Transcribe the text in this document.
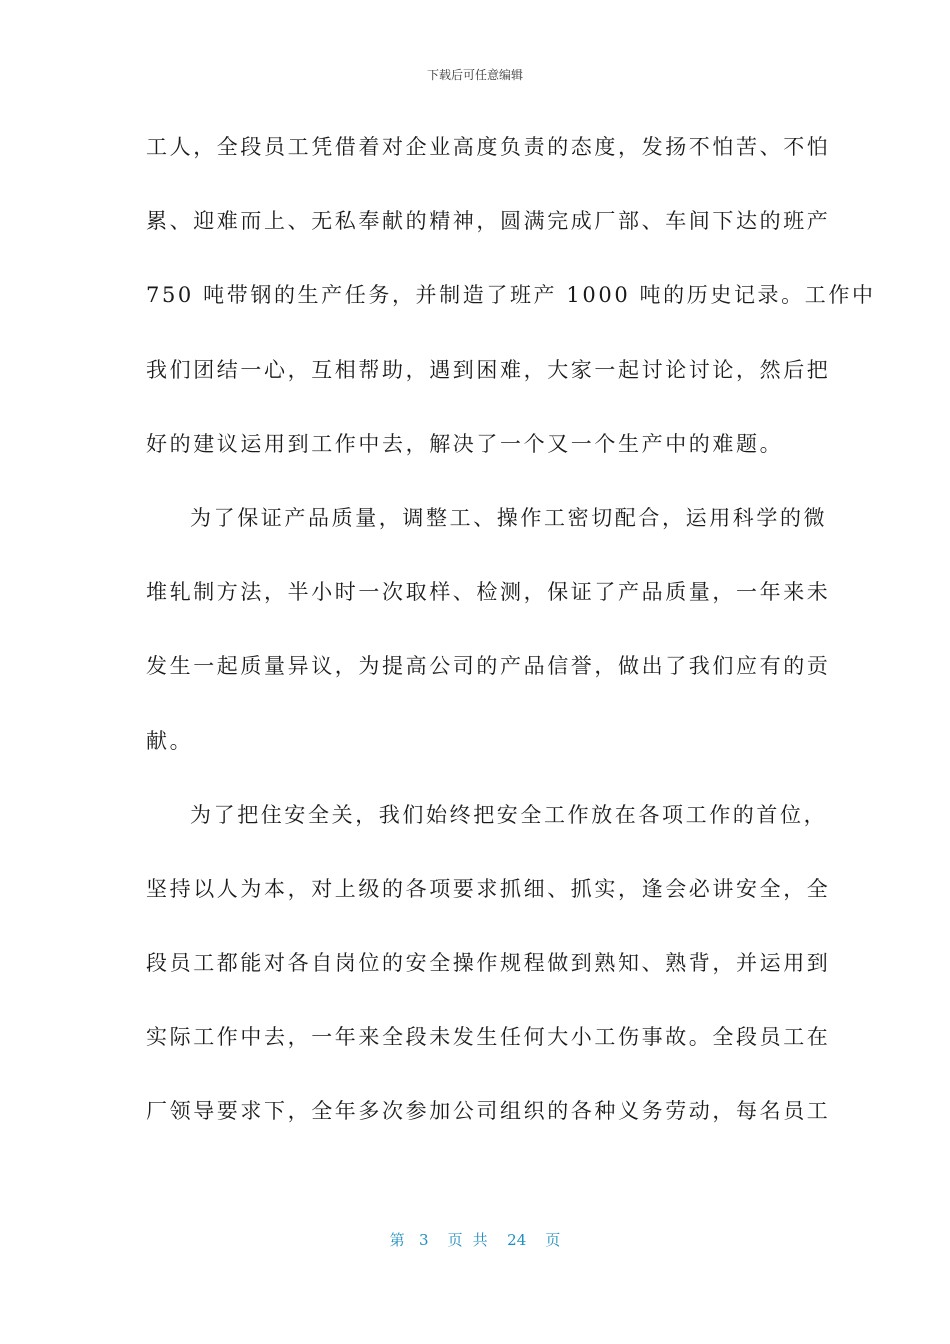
下载后可任意编辑
工人，全段员工凭借着对企业高度负责的态度，发扬不怕苦、不怕
累、迎难而上、无私奉献的精神，圆满完成厂部、车间下达的班产
750 吨带钢的生产任务，并制造了班产 1000 吨的历史记录。工作中
我们团结一心，互相帮助，遇到困难，大家一起讨论讨论，然后把
好的建议运用到工作中去，解决了一个又一个生产中的难题。
为了保证产品质量，调整工、操作工密切配合，运用科学的微
堆轧制方法，半小时一次取样、检测，保证了产品质量，一年来未
发生一起质量异议，为提高公司的产品信誉，做出了我们应有的贡
献。
为了把住安全关，我们始终把安全工作放在各项工作的首位，
坚持以人为本，对上级的各项要求抓细、抓实，逢会必讲安全，全
段员工都能对各自岗位的安全操作规程做到熟知、熟背，并运用到
实际工作中去，一年来全段未发生任何大小工伤事故。全段员工在
厂领导要求下，全年多次参加公司组织的各种义务劳动，每名员工
第 3 页共 24 页
